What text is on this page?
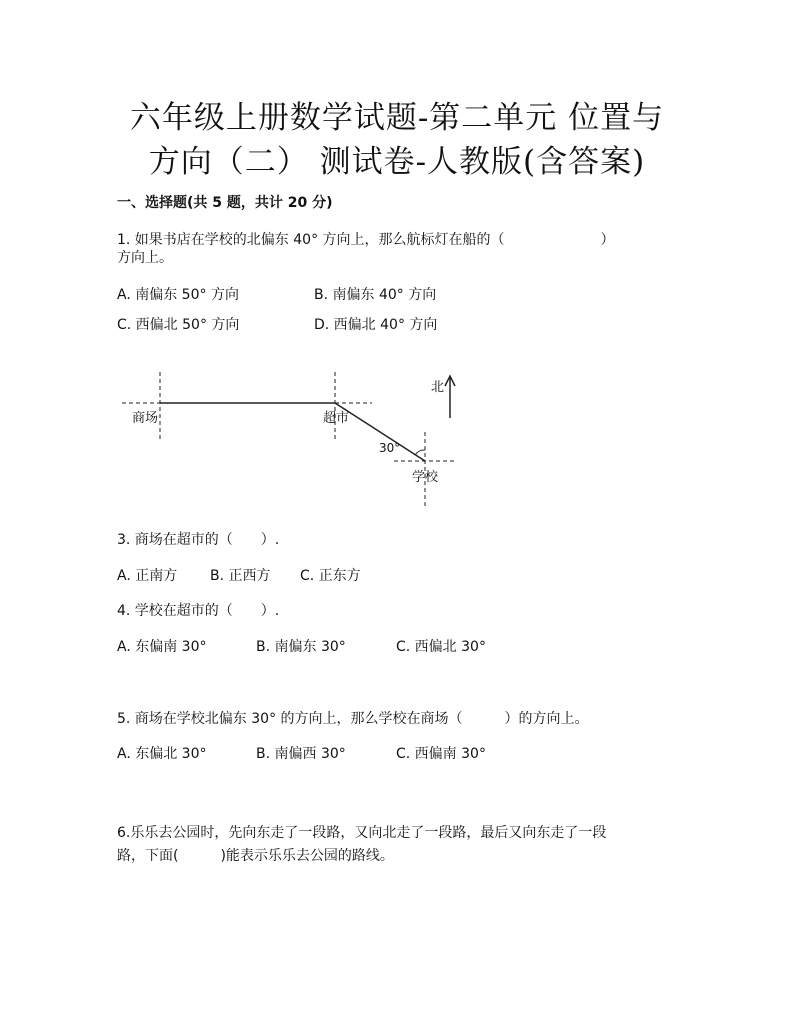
六年级上册数学试题-第二单元 位置与
方向（二） 测试卷-人教版(含答案)
一、选择题(共 5 题，共计 20 分)
1. 如果书店在学校的北偏东 40° 方向上，那么航标灯在船的（	）
方向上。
A. 南偏东 50° 方向	B. 南偏东 40° 方向
C. 西偏北 50° 方向	D. 西偏北 40° 方向
北
商场	超市
30°
学校
3. 商场在超市的（　　）.
A. 正南方 B. 正西方 C. 正东方
4. 学校在超市的（　　）.
A. 东偏南 30°	B. 南偏东 30°	C. 西偏北 30°
5. 商场在学校北偏东 30° 的方向上，那么学校在商场（　　　）的方向上。
A. 东偏北 30°	B. 南偏西 30°	C. 西偏南 30°
6.乐乐去公园时，先向东走了一段路，又向北走了一段路，最后又向东走了一段
路，下面(　　　)能表示乐乐去公园的路线。
